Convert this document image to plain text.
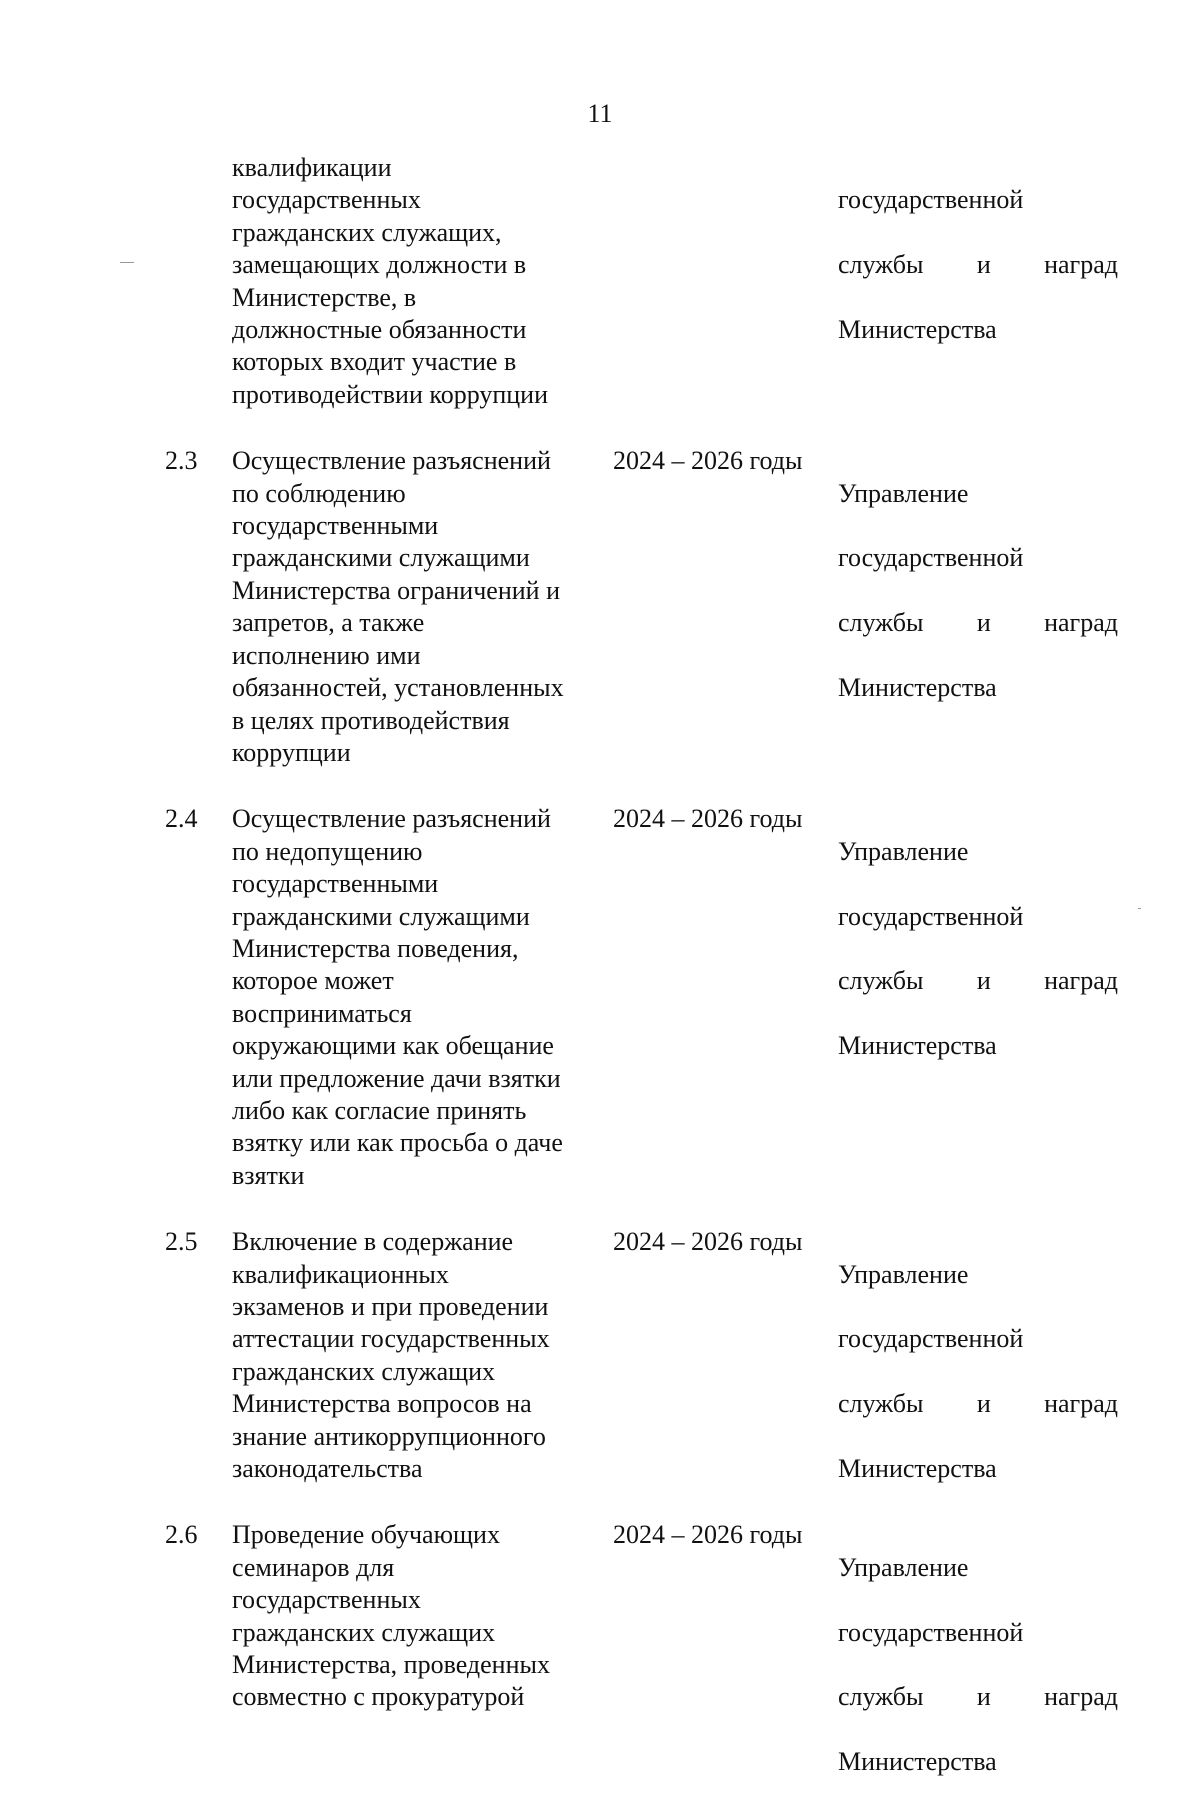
11
квалификации
государственных
гражданских служащих,
замещающих должности в
Министерстве, в
должностные обязанности
которых входит участие в
противодействии коррупции

государственной

службы и наград

Министерства

2.3 Осуществление разъяснений
по соблюдению
государственными
гражданскими служащими
Министерства ограничений и
запретов, а также
исполнению ими
обязанностей, установленных
в целях противодействия
коррупции
2024 – 2026 годы

Управление

государственной

службы и наград

Министерства

2.4 Осуществление разъяснений
по недопущению
государственными
гражданскими служащими
Министерства поведения,
которое может
восприниматься
окружающими как обещание
или предложение дачи взятки
либо как согласие принять
взятку или как просьба о даче
взятки
2024 – 2026 годы

Управление

государственной

службы и наград

Министерства

2.5 Включение в содержание
квалификационных
экзаменов и при проведении
аттестации государственных
гражданских служащих
Министерства вопросов на
знание антикоррупционного
законодательства
2024 – 2026 годы

Управление

государственной

службы и наград

Министерства

2.6 Проведение обучающих
семинаров для
государственных
гражданских служащих
Министерства, проведенных
совместно с прокуратурой
2024 – 2026 годы

Управление

государственной

службы и наград

Министерства
